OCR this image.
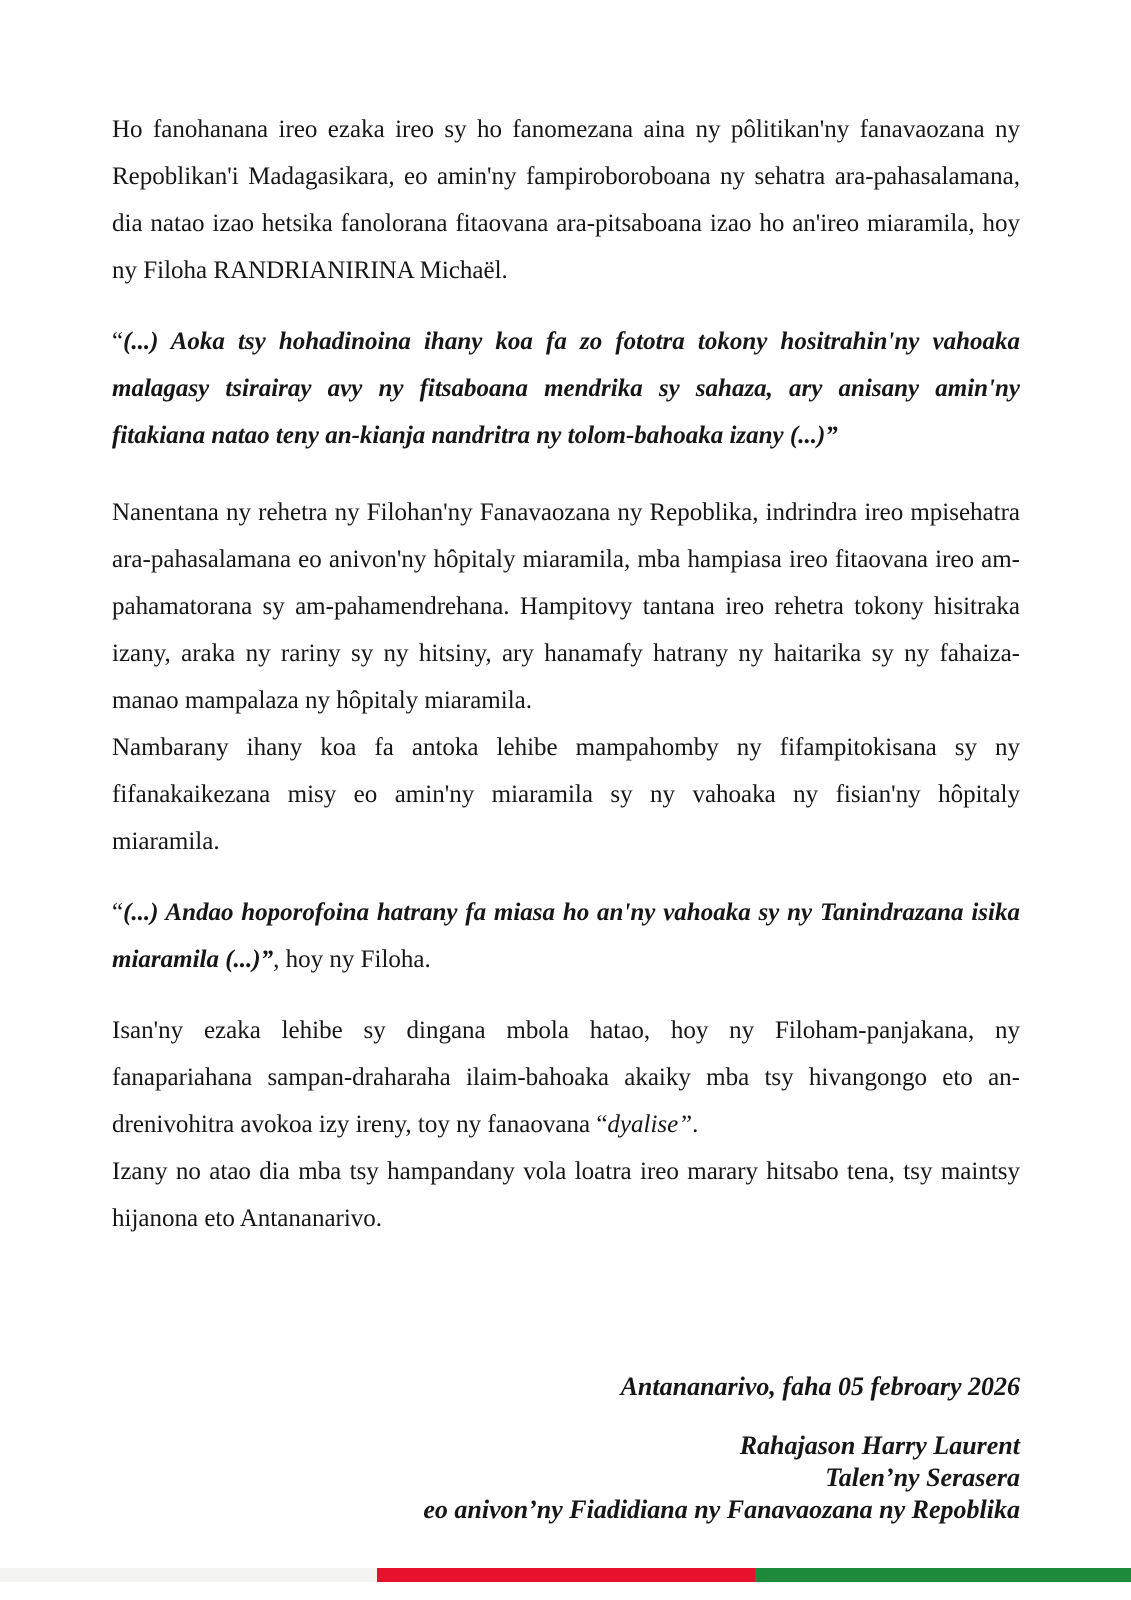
Ho fanohanana ireo ezaka ireo sy ho fanomezana aina ny pôlitikan'ny fanavaozana ny Repoblikan'i Madagasikara, eo amin'ny fampiroboroboana ny sehatra ara-pahasalamana, dia natao izao hetsika fanolorana fitaovana ara-pitsaboana izao ho an'ireo miaramila, hoy ny Filoha RANDRIANIRINA Michaël.

“(...) Aoka tsy hohadinoina ihany koa fa zo fototra tokony hositrahin'ny vahoaka malagasy tsirairay avy ny fitsaboana mendrika sy sahaza, ary anisany amin'ny fitakiana natao teny an-kianja nandritra ny tolom-bahoaka izany (...)”

Nanentana ny rehetra ny Filohan'ny Fanavaozana ny Repoblika, indrindra ireo mpisehatra ara-pahasalamana eo anivon'ny hôpitaly miaramila, mba hampiasa ireo fitaovana ireo am-pahamatorana sy am-pahamendrehana. Hampitovy tantana ireo rehetra tokony hisitraka izany, araka ny rariny sy ny hitsiny, ary hanamafy hatrany ny haitarika sy ny fahaiza-manao mampalaza ny hôpitaly miaramila.

Nambarany ihany koa fa antoka lehibe mampahomby ny fifampitokisana sy ny fifanakaikezana misy eo amin'ny miaramila sy ny vahoaka ny fisian'ny hôpitaly miaramila.

“(...) Andao hoporofoina hatrany fa miasa ho an'ny vahoaka sy ny Tanindrazana isika miaramila (...)”, hoy ny Filoha.

Isan'ny ezaka lehibe sy dingana mbola hatao, hoy ny Filoham-panjakana, ny fanapariahana sampan-draharaha ilaim-bahoaka akaiky mba tsy hivangongo eto an-drenivohitra avokoa izy ireny, toy ny fanaovana “dyalise”.

Izany no atao dia mba tsy hampandany vola loatra ireo marary hitsabo tena, tsy maintsy hijanona eto Antananarivo.

Antananarivo, faha 05 febroary 2026

Rahajason Harry Laurent

Talen’ny Serasera

eo anivon’ny Fiadidiana ny Fanavaozana ny Repoblika
